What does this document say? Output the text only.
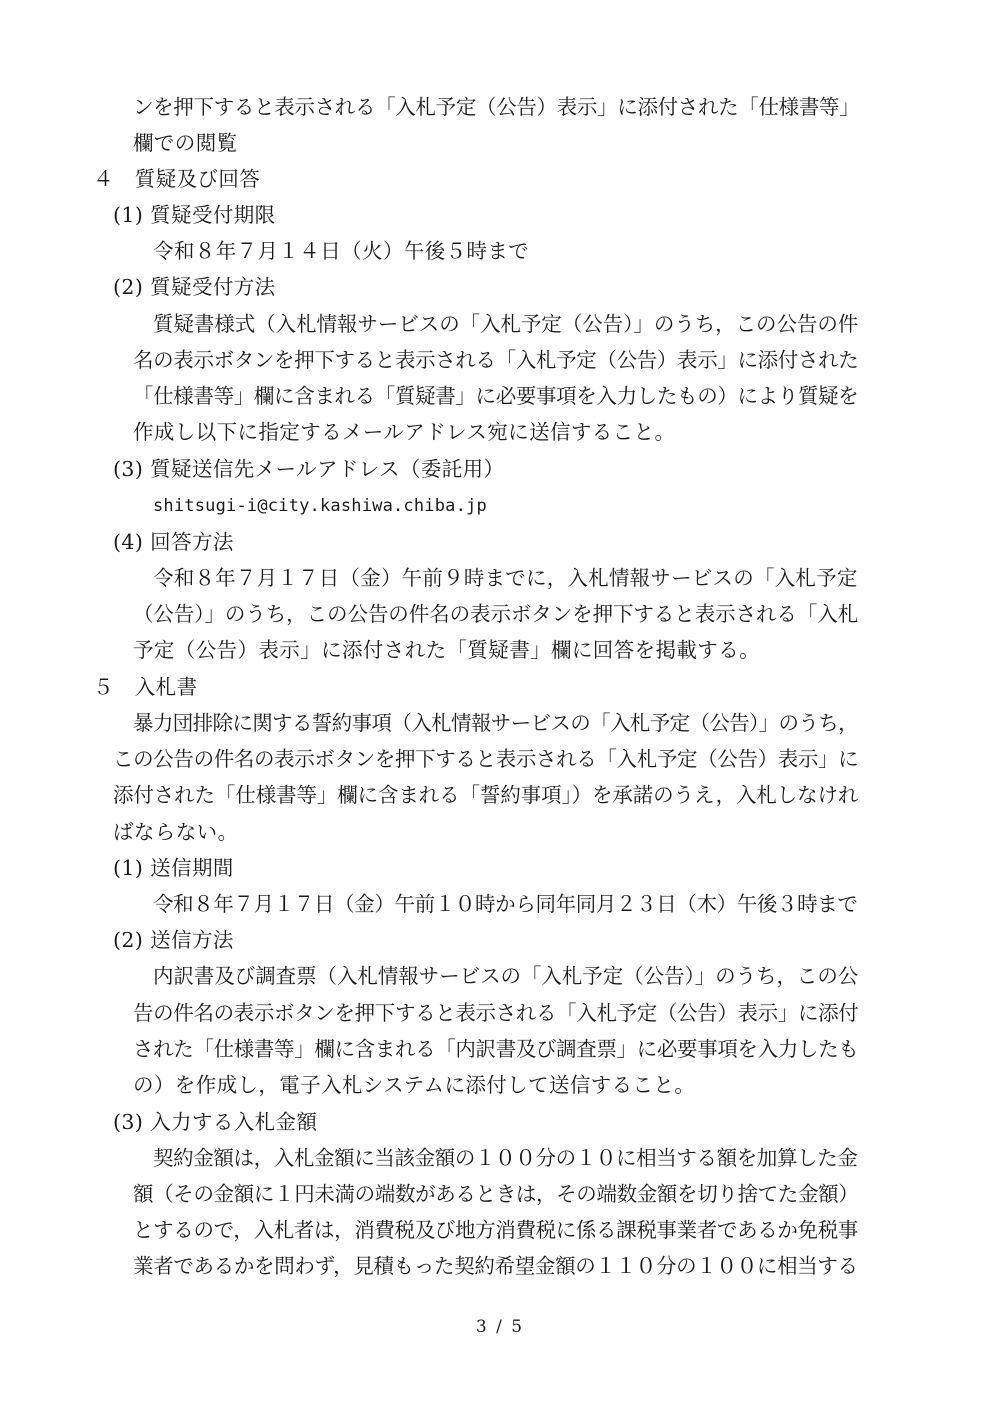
ンを押下すると表示される「入札予定（公告）表示」に添付された「仕様書等」
欄での閲覧
４　質疑及び回答
(1) 質疑受付期限
令和８年７月１４日（火）午後５時まで
(2) 質疑受付方法
質疑書様式（入札情報サービスの「入札予定（公告）」のうち，この公告の件
名の表示ボタンを押下すると表示される「入札予定（公告）表示」に添付された
「仕様書等」欄に含まれる「質疑書」に必要事項を入力したもの）により質疑を
作成し以下に指定するメールアドレス宛に送信すること。
(3) 質疑送信先メールアドレス（委託用）
shitsugi-i@city.kashiwa.chiba.jp
(4) 回答方法
令和８年７月１７日（金）午前９時までに，入札情報サービスの「入札予定
（公告）」のうち，この公告の件名の表示ボタンを押下すると表示される「入札
予定（公告）表示」に添付された「質疑書」欄に回答を掲載する。
５　入札書
暴力団排除に関する誓約事項（入札情報サービスの「入札予定（公告）」のうち，
この公告の件名の表示ボタンを押下すると表示される「入札予定（公告）表示」に
添付された「仕様書等」欄に含まれる「誓約事項」）を承諾のうえ，入札しなけれ
ばならない。
(1) 送信期間
令和８年７月１７日（金）午前１０時から同年同月２３日（木）午後３時まで
(2) 送信方法
内訳書及び調査票（入札情報サービスの「入札予定（公告）」のうち，この公
告の件名の表示ボタンを押下すると表示される「入札予定（公告）表示」に添付
された「仕様書等」欄に含まれる「内訳書及び調査票」に必要事項を入力したも
の）を作成し，電子入札システムに添付して送信すること。
(3) 入力する入札金額
契約金額は，入札金額に当該金額の１００分の１０に相当する額を加算した金
額（その金額に１円未満の端数があるときは，その端数金額を切り捨てた金額）
とするので，入札者は，消費税及び地方消費税に係る課税事業者であるか免税事
業者であるかを問わず，見積もった契約希望金額の１１０分の１００に相当する
3 / 5
